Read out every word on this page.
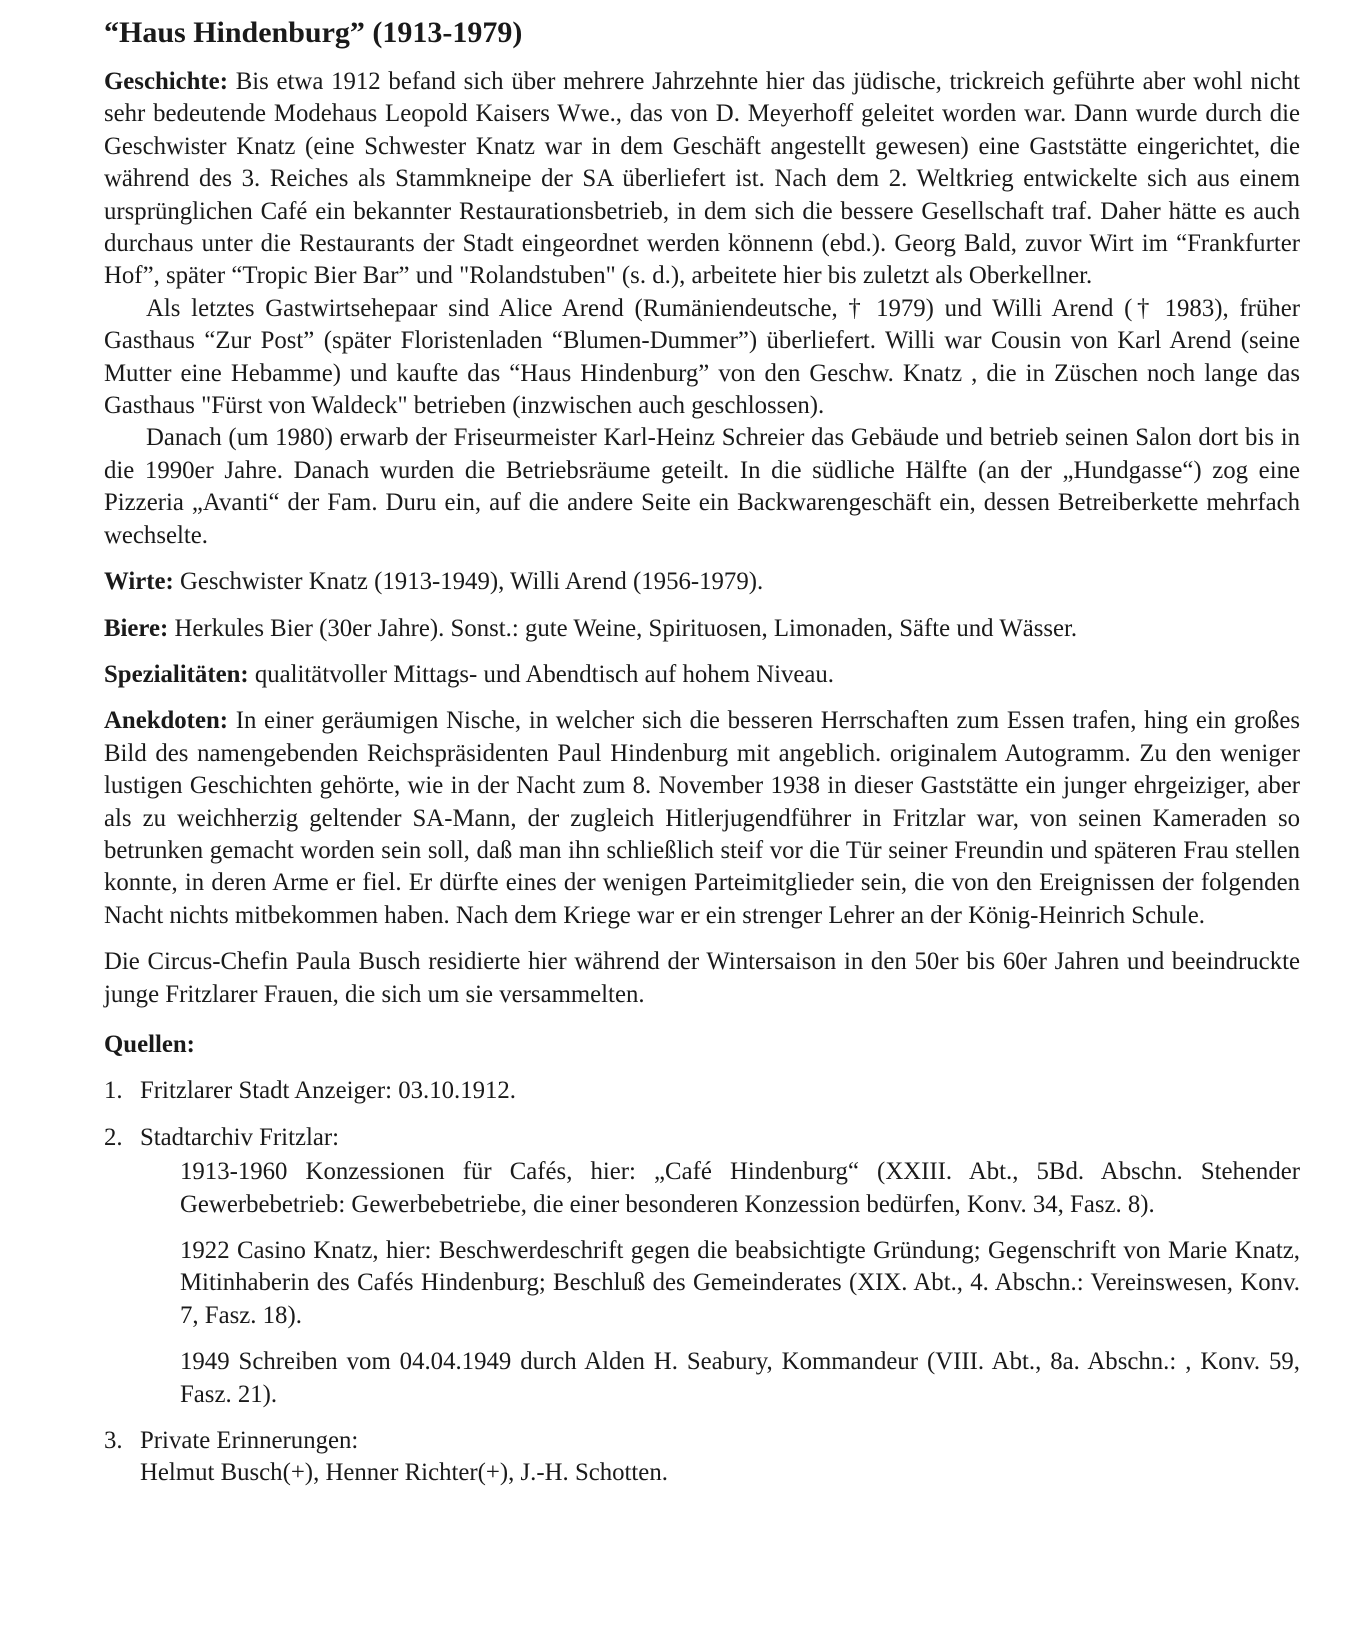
“Haus Hindenburg” (1913-1979)

Geschichte: Bis etwa 1912 befand sich über mehrere Jahrzehnte hier das jüdische, trickreich geführte aber wohl nicht sehr bedeutende Modehaus Leopold Kaisers Wwe., das von D. Meyerhoff geleitet worden war. Dann wurde durch die Geschwister Knatz (eine Schwester Knatz war in dem Geschäft angestellt gewesen) eine Gaststätte eingerichtet, die während des 3. Reiches als Stammkneipe der SA überliefert ist. Nach dem 2. Weltkrieg entwickelte sich aus einem ursprünglichen Café ein bekannter Restaurationsbetrieb, in dem sich die bessere Gesellschaft traf. Daher hätte es auch durchaus unter die Restaurants der Stadt eingeordnet werden könnenn (ebd.). Georg Bald, zuvor Wirt im “Frankfurter Hof”, später “Tropic Bier Bar” und "Rolandstuben" (s. d.), arbeitete hier bis zuletzt als Oberkellner.

Als letztes Gastwirtsehepaar sind Alice Arend (Rumäniendeutsche, † 1979) und Willi Arend († 1983), früher Gasthaus “Zur Post” (später Floristenladen “Blumen-Dummer”) überliefert. Willi war Cousin von Karl Arend (seine Mutter eine Hebamme) und kaufte das “Haus Hindenburg” von den Geschw. Knatz , die in Züschen noch lange das Gasthaus "Fürst von Waldeck" betrieben (inzwischen auch geschlossen).

Danach (um 1980) erwarb der Friseurmeister Karl-Heinz Schreier das Gebäude und betrieb seinen Salon dort bis in die 1990er Jahre. Danach wurden die Betriebsräume geteilt. In die südliche Hälfte (an der „Hundgasse“) zog eine Pizzeria „Avanti“ der Fam. Duru ein, auf die andere Seite ein Backwarengeschäft ein, dessen Betreiberkette mehrfach wechselte.

Wirte: Geschwister Knatz (1913-1949), Willi Arend (1956-1979).

Biere: Herkules Bier (30er Jahre). Sonst.: gute Weine, Spirituosen, Limonaden, Säfte und Wässer.

Spezialitäten: qualitätvoller Mittags- und Abendtisch auf hohem Niveau.

Anekdoten: In einer geräumigen Nische, in welcher sich die besseren Herrschaften zum Essen trafen, hing ein großes Bild des namengebenden Reichspräsidenten Paul Hindenburg mit angeblich. originalem Autogramm. Zu den weniger lustigen Geschichten gehörte, wie in der Nacht zum 8. November 1938 in dieser Gaststätte ein junger ehrgeiziger, aber als zu weichherzig geltender SA-Mann, der zugleich Hitlerjugendführer in Fritzlar war, von seinen Kameraden so betrunken gemacht worden sein soll, daß man ihn schließlich steif vor die Tür seiner Freundin und späteren Frau stellen konnte, in deren Arme er fiel. Er dürfte eines der wenigen Parteimitglieder sein, die von den Ereignissen der folgenden Nacht nichts mitbekommen haben. Nach dem Kriege war er ein strenger Lehrer an der König-Heinrich Schule.

Die Circus-Chefin Paula Busch residierte hier während der Wintersaison in den 50er bis 60er Jahren und beeindruckte junge Fritzlarer Frauen, die sich um sie versammelten.

Quellen:
1. Fritzlarer Stadt Anzeiger: 03.10.1912.
2. Stadtarchiv Fritzlar:
1913-1960 Konzessionen für Cafés, hier: „Café Hindenburg“ (XXIII. Abt., 5Bd. Abschn. Stehender Gewerbebetrieb: Gewerbebetriebe, die einer besonderen Konzession bedürfen, Konv. 34, Fasz. 8).
1922 Casino Knatz, hier: Beschwerdeschrift gegen die beabsichtigte Gründung; Gegenschrift von Marie Knatz, Mitinhaberin des Cafés Hindenburg; Beschluß des Gemeinderates (XIX. Abt., 4. Abschn.: Vereinswesen, Konv. 7, Fasz. 18).
1949 Schreiben vom 04.04.1949 durch Alden H. Seabury, Kommandeur (VIII. Abt., 8a. Abschn.: , Konv. 59, Fasz. 21).
3. Private Erinnerungen:
Helmut Busch(+), Henner Richter(+), J.-H. Schotten.
